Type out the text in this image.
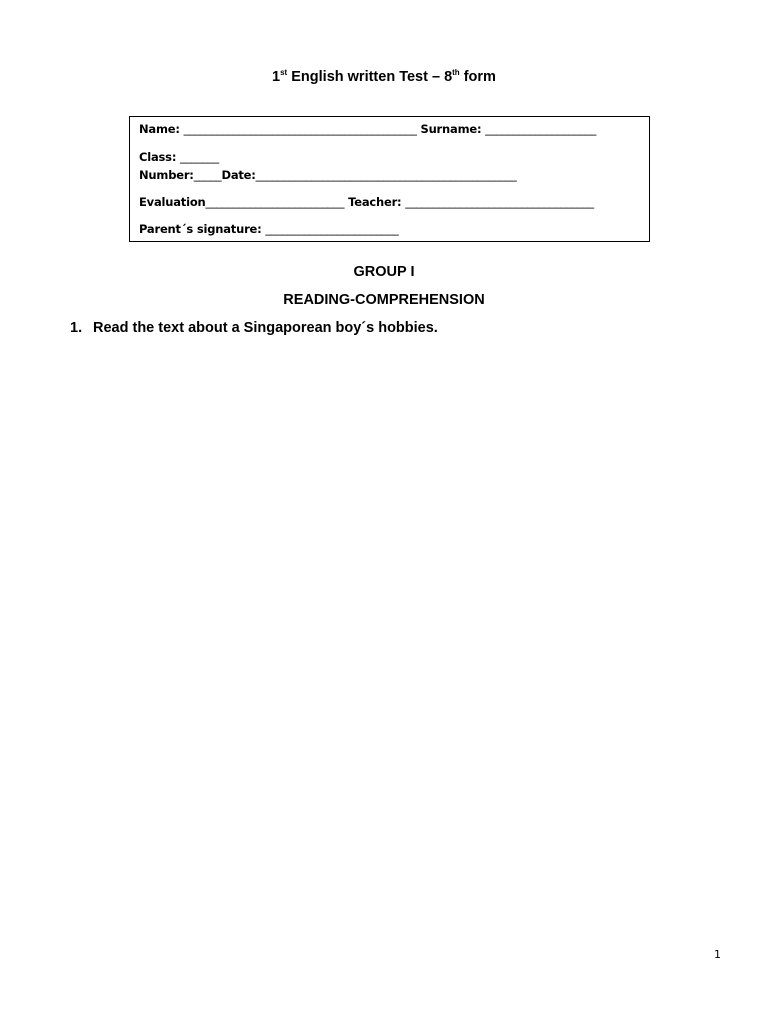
1st English written Test – 8th form
Name: __________________________________________ Surname: ____________________
Class: _______
Number:_____Date:_______________________________________________
Evaluation_________________________ Teacher: __________________________________
Parent´s signature: ________________________
GROUP I
READING-COMPREHENSION
1. Read the text about a Singaporean boy´s hobbies.
1
